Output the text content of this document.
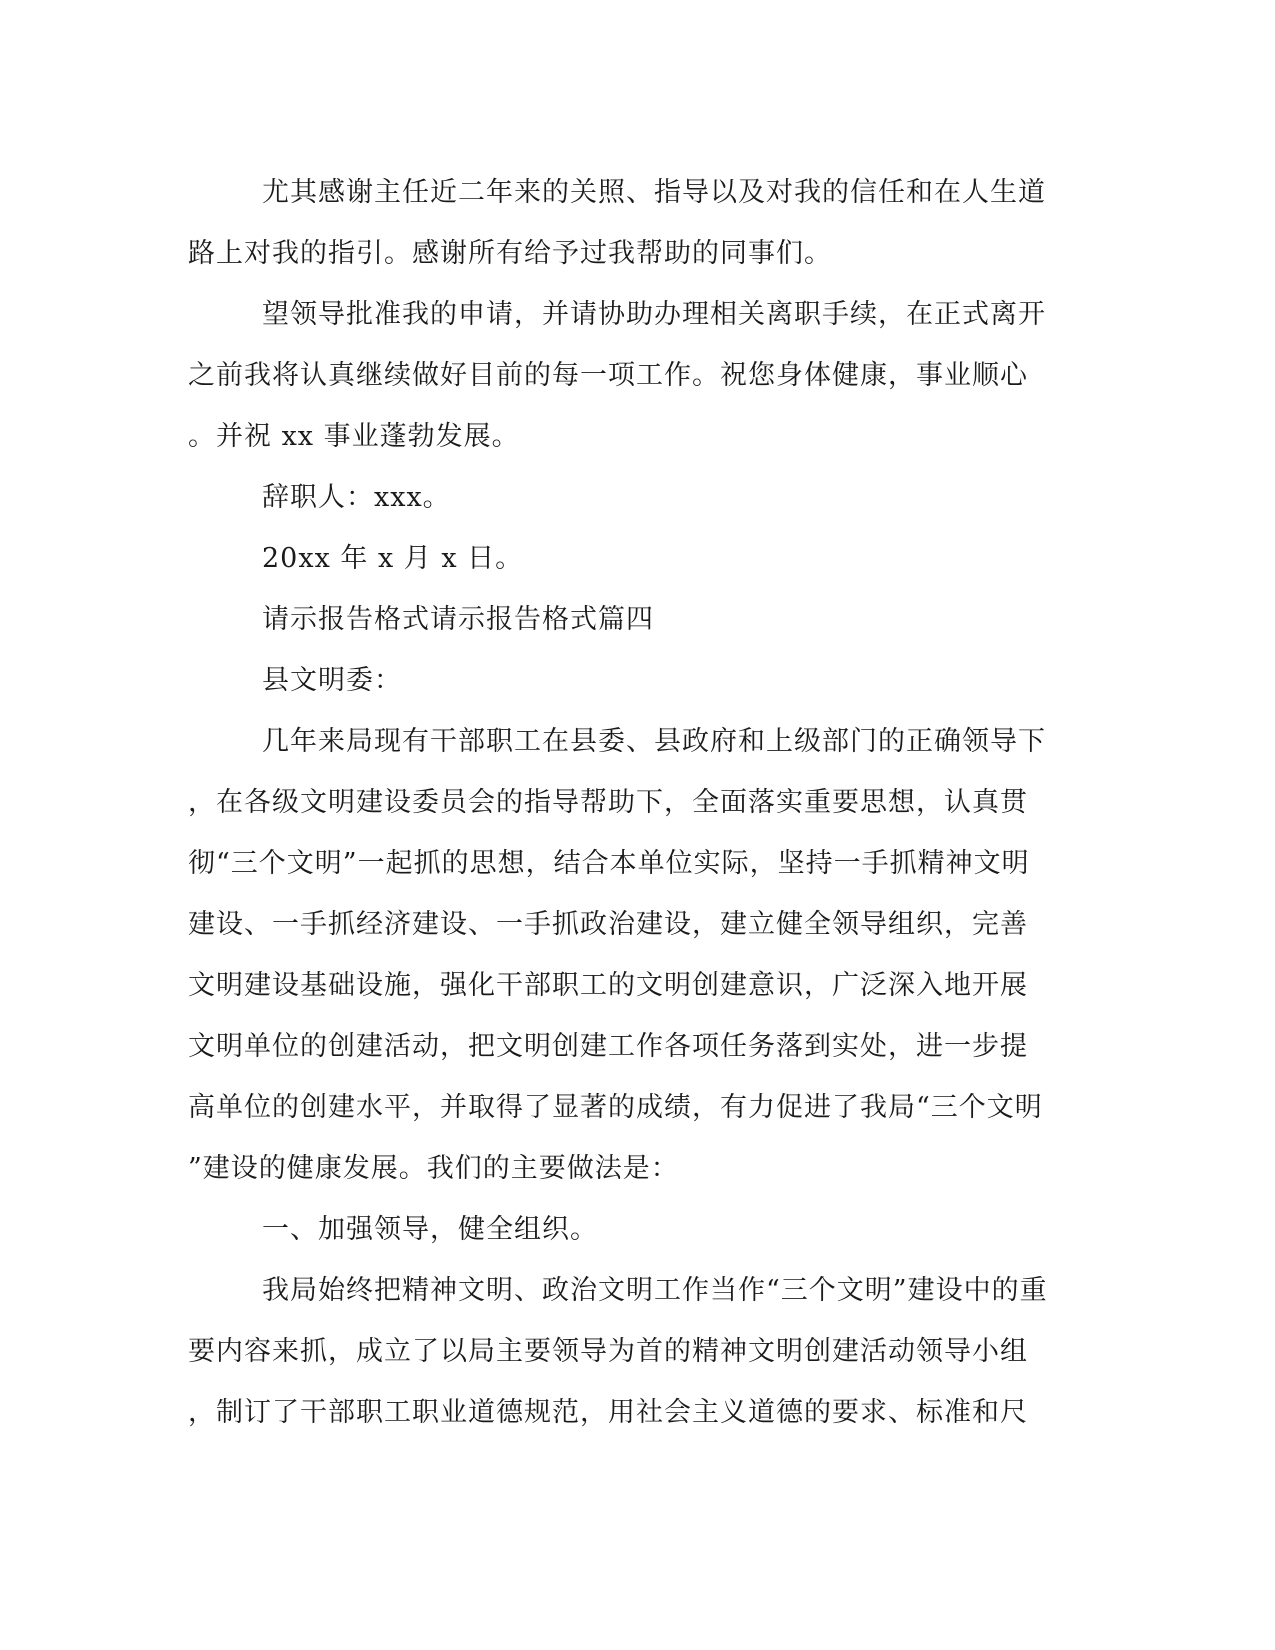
尤其感谢主任近二年来的关照、指导以及对我的信任和在人生道
路上对我的指引。感谢所有给予过我帮助的同事们。
望领导批准我的申请，并请协助办理相关离职手续，在正式离开
之前我将认真继续做好目前的每一项工作。祝您身体健康，事业顺心
。并祝 xx 事业蓬勃发展。
辞职人：xxx。
20xx 年 x 月 x 日。
请示报告格式请示报告格式篇四
县文明委：
几年来局现有干部职工在县委、县政府和上级部门的正确领导下
，在各级文明建设委员会的指导帮助下，全面落实重要思想，认真贯
彻“三个文明”一起抓的思想，结合本单位实际，坚持一手抓精神文明
建设、一手抓经济建设、一手抓政治建设，建立健全领导组织，完善
文明建设基础设施，强化干部职工的文明创建意识，广泛深入地开展
文明单位的创建活动，把文明创建工作各项任务落到实处，进一步提
高单位的创建水平，并取得了显著的成绩，有力促进了我局“三个文明
”建设的健康发展。我们的主要做法是：
一、加强领导，健全组织。
我局始终把精神文明、政治文明工作当作“三个文明”建设中的重
要内容来抓，成立了以局主要领导为首的精神文明创建活动领导小组
，制订了干部职工职业道德规范，用社会主义道德的要求、标准和尺
